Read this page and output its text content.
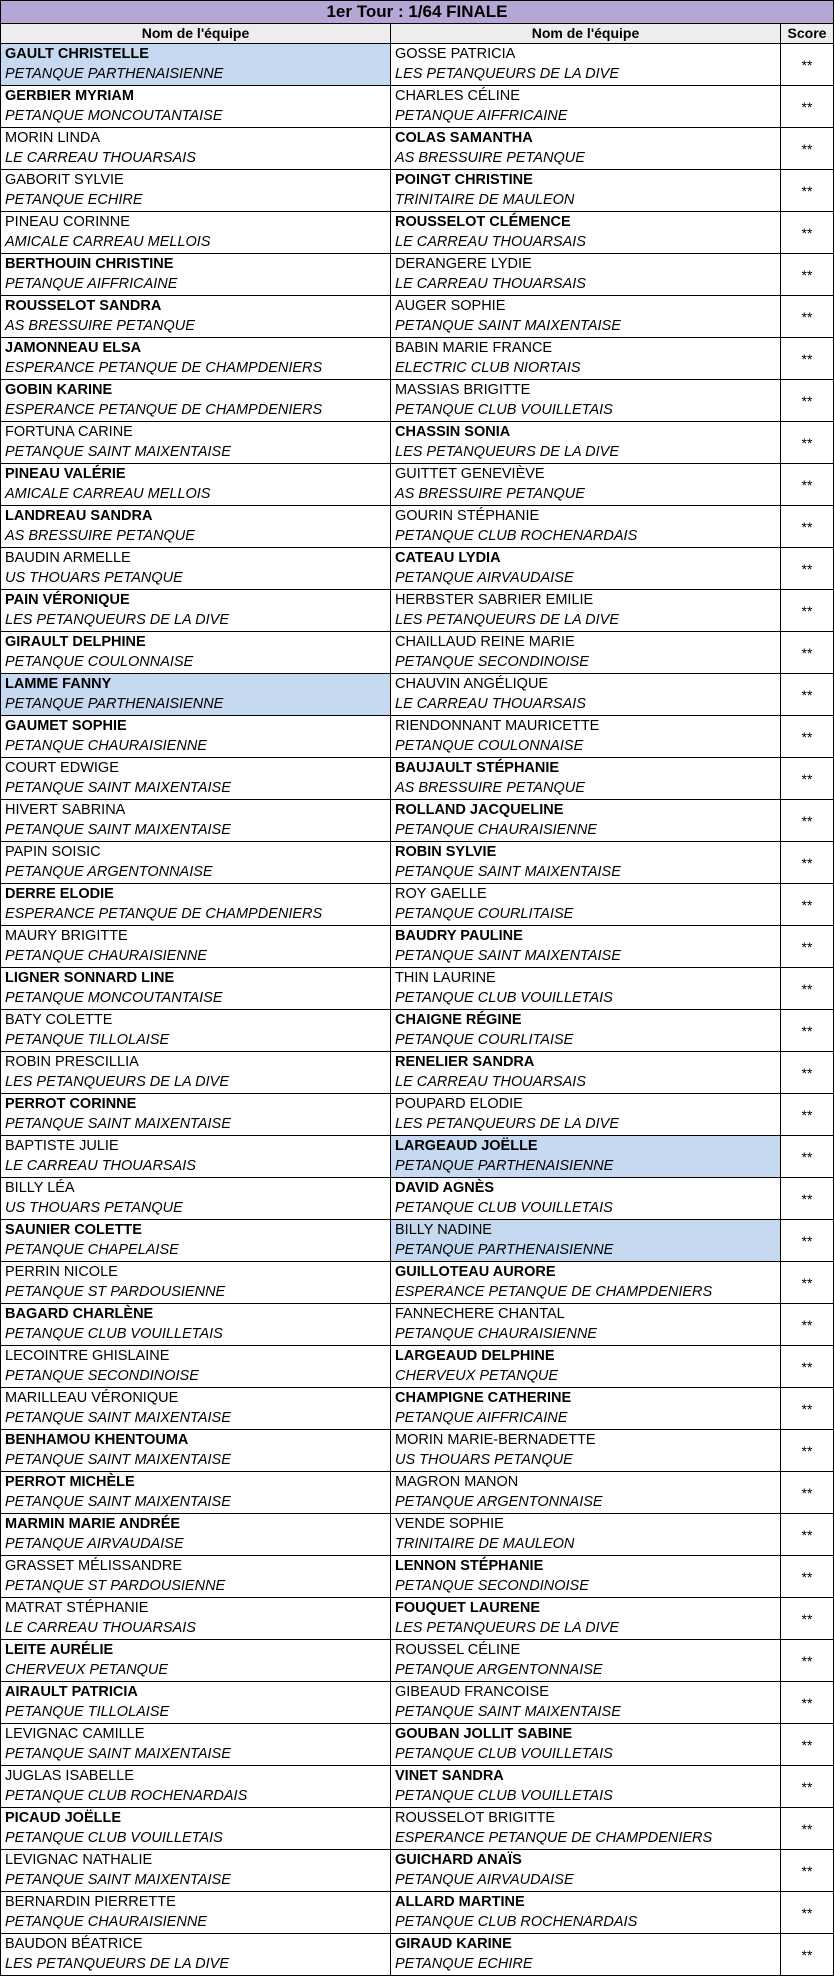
1er Tour : 1/64 FINALE
Nom de l'équipe	Nom de l'équipe	Score
GAULT CHRISTELLE
PETANQUE PARTHENAISIENNE
GOSSE PATRICIA
LES PETANQUEURS DE LA DIVE
**
GERBIER MYRIAM
PETANQUE MONCOUTANTAISE
CHARLES CÉLINE
PETANQUE AIFFRICAINE
**
MORIN LINDA
LE CARREAU THOUARSAIS
COLAS SAMANTHA
AS BRESSUIRE PETANQUE
**
GABORIT SYLVIE
PETANQUE ECHIRE
POINGT CHRISTINE
TRINITAIRE DE MAULEON
**
PINEAU CORINNE
AMICALE CARREAU MELLOIS
ROUSSELOT CLÉMENCE
LE CARREAU THOUARSAIS
**
BERTHOUIN CHRISTINE
PETANQUE AIFFRICAINE
DERANGERE LYDIE
LE CARREAU THOUARSAIS
**
ROUSSELOT SANDRA
AS BRESSUIRE PETANQUE
AUGER SOPHIE
PETANQUE SAINT MAIXENTAISE
**
JAMONNEAU ELSA
ESPERANCE PETANQUE DE CHAMPDENIERS
BABIN MARIE FRANCE
ELECTRIC CLUB NIORTAIS
**
GOBIN KARINE
ESPERANCE PETANQUE DE CHAMPDENIERS
MASSIAS BRIGITTE
PETANQUE CLUB VOUILLETAIS
**
FORTUNA CARINE
PETANQUE SAINT MAIXENTAISE
CHASSIN SONIA
LES PETANQUEURS DE LA DIVE
**
PINEAU VALÉRIE
AMICALE CARREAU MELLOIS
GUITTET GENEVIÈVE
AS BRESSUIRE PETANQUE
**
LANDREAU SANDRA
AS BRESSUIRE PETANQUE
GOURIN STÉPHANIE
PETANQUE CLUB ROCHENARDAIS
**
BAUDIN ARMELLE
US THOUARS PETANQUE
CATEAU LYDIA
PETANQUE AIRVAUDAISE
**
PAIN VÉRONIQUE
LES PETANQUEURS DE LA DIVE
HERBSTER SABRIER EMILIE
LES PETANQUEURS DE LA DIVE
**
GIRAULT DELPHINE
PETANQUE COULONNAISE
CHAILLAUD REINE MARIE
PETANQUE SECONDINOISE
**
LAMME FANNY
PETANQUE PARTHENAISIENNE
CHAUVIN ANGÉLIQUE
LE CARREAU THOUARSAIS
**
GAUMET SOPHIE
PETANQUE CHAURAISIENNE
RIENDONNANT MAURICETTE
PETANQUE COULONNAISE
**
COURT EDWIGE
PETANQUE SAINT MAIXENTAISE
BAUJAULT STÉPHANIE
AS BRESSUIRE PETANQUE
**
HIVERT SABRINA
PETANQUE SAINT MAIXENTAISE
ROLLAND JACQUELINE
PETANQUE CHAURAISIENNE
**
PAPIN SOISIC
PETANQUE ARGENTONNAISE
ROBIN SYLVIE
PETANQUE SAINT MAIXENTAISE
**
DERRE ELODIE
ESPERANCE PETANQUE DE CHAMPDENIERS
ROY GAELLE
PETANQUE COURLITAISE
**
MAURY BRIGITTE
PETANQUE CHAURAISIENNE
BAUDRY PAULINE
PETANQUE SAINT MAIXENTAISE
**
LIGNER SONNARD LINE
PETANQUE MONCOUTANTAISE
THIN LAURINE
PETANQUE CLUB VOUILLETAIS
**
BATY COLETTE
PETANQUE TILLOLAISE
CHAIGNE RÉGINE
PETANQUE COURLITAISE
**
ROBIN PRESCILLIA
LES PETANQUEURS DE LA DIVE
RENELIER SANDRA
LE CARREAU THOUARSAIS
**
PERROT CORINNE
PETANQUE SAINT MAIXENTAISE
POUPARD ELODIE
LES PETANQUEURS DE LA DIVE
**
BAPTISTE JULIE
LE CARREAU THOUARSAIS
LARGEAUD JOËLLE
PETANQUE PARTHENAISIENNE
**
BILLY LÉA
US THOUARS PETANQUE
DAVID AGNÈS
PETANQUE CLUB VOUILLETAIS
**
SAUNIER COLETTE
PETANQUE CHAPELAISE
BILLY NADINE
PETANQUE PARTHENAISIENNE
**
PERRIN NICOLE
PETANQUE ST PARDOUSIENNE
GUILLOTEAU AURORE
ESPERANCE PETANQUE DE CHAMPDENIERS
**
BAGARD CHARLÈNE
PETANQUE CLUB VOUILLETAIS
FANNECHERE CHANTAL
PETANQUE CHAURAISIENNE
**
LECOINTRE GHISLAINE
PETANQUE SECONDINOISE
LARGEAUD DELPHINE
CHERVEUX PETANQUE
**
MARILLEAU VÉRONIQUE
PETANQUE SAINT MAIXENTAISE
CHAMPIGNE CATHERINE
PETANQUE AIFFRICAINE
**
BENHAMOU KHENTOUMA
PETANQUE SAINT MAIXENTAISE
MORIN MARIE-BERNADETTE
US THOUARS PETANQUE
**
PERROT MICHÈLE
PETANQUE SAINT MAIXENTAISE
MAGRON MANON
PETANQUE ARGENTONNAISE
**
MARMIN MARIE ANDRÉE
PETANQUE AIRVAUDAISE
VENDE SOPHIE
TRINITAIRE DE MAULEON
**
GRASSET MÉLISSANDRE
PETANQUE ST PARDOUSIENNE
LENNON STÉPHANIE
PETANQUE SECONDINOISE
**
MATRAT STÉPHANIE
LE CARREAU THOUARSAIS
FOUQUET LAURENE
LES PETANQUEURS DE LA DIVE
**
LEITE AURÉLIE
CHERVEUX PETANQUE
ROUSSEL CÉLINE
PETANQUE ARGENTONNAISE
**
AIRAULT PATRICIA
PETANQUE TILLOLAISE
GIBEAUD FRANCOISE
PETANQUE SAINT MAIXENTAISE
**
LEVIGNAC CAMILLE
PETANQUE SAINT MAIXENTAISE
GOUBAN JOLLIT SABINE
PETANQUE CLUB VOUILLETAIS
**
JUGLAS ISABELLE
PETANQUE CLUB ROCHENARDAIS
VINET SANDRA
PETANQUE CLUB VOUILLETAIS
**
PICAUD JOËLLE
PETANQUE CLUB VOUILLETAIS
ROUSSELOT BRIGITTE
ESPERANCE PETANQUE DE CHAMPDENIERS
**
LEVIGNAC NATHALIE
PETANQUE SAINT MAIXENTAISE
GUICHARD ANAÏS
PETANQUE AIRVAUDAISE
**
BERNARDIN PIERRETTE
PETANQUE CHAURAISIENNE
ALLARD MARTINE
PETANQUE CLUB ROCHENARDAIS
**
BAUDON BÉATRICE
LES PETANQUEURS DE LA DIVE
GIRAUD KARINE
PETANQUE ECHIRE
**
